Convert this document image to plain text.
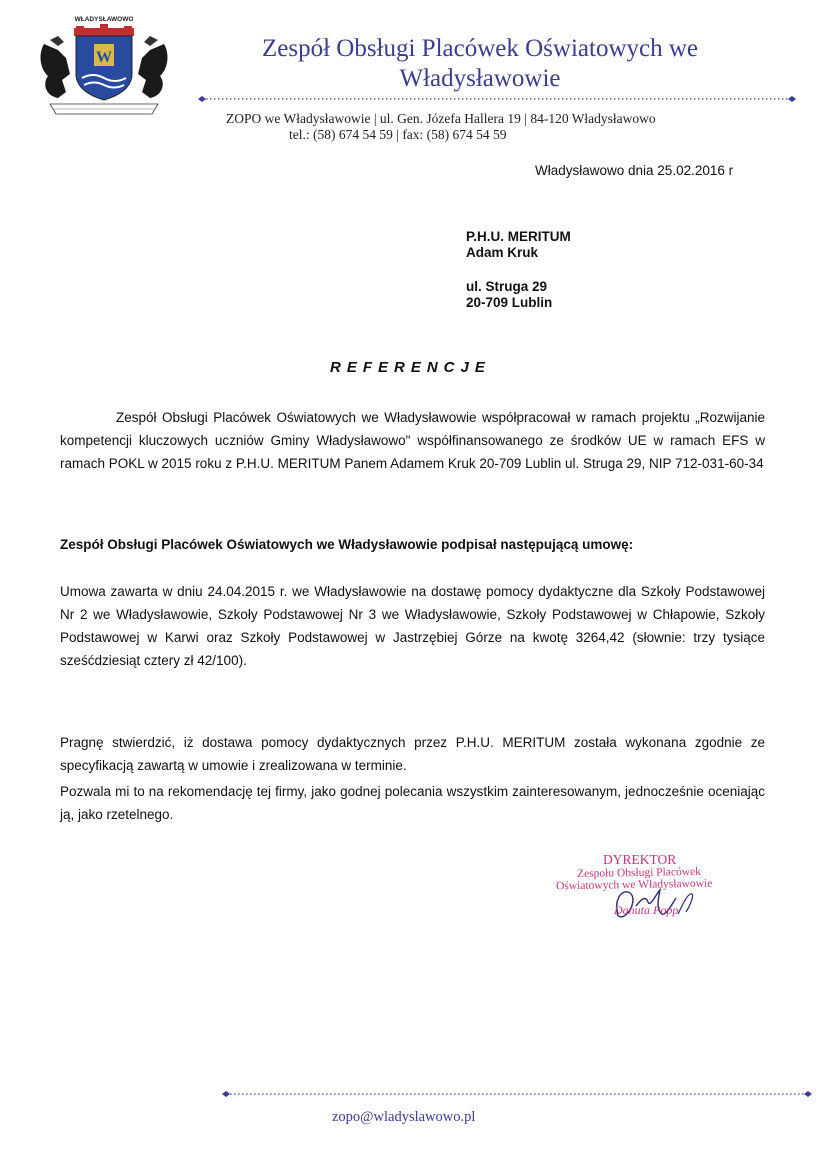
WŁADYSŁAWOWO
W	Zespół Obsługi Placówek Oświatowych we Władysławowie
ZOPO we Władysławowie | ul. Gen. Józefa Hallera 19 | 84-120 Władysławowo
tel.: (58) 674 54 59 | fax: (58) 674 54 59
Władysławowo dnia 25.02.2016 r
P.H.U. MERITUM
Adam Kruk
ul. Struga 29
20-709 Lublin
REFERENCJE
Zespół Obsługi Placówek Oświatowych we Władysławowie współpracował w ramach projektu „Rozwijanie kompetencji kluczowych uczniów Gminy Władysławowo" współfinansowanego ze środków UE w ramach EFS w ramach POKL w 2015 roku z P.H.U. MERITUM Panem Adamem Kruk 20-709 Lublin ul. Struga 29, NIP 712-031-60-34
Zespół Obsługi Placówek Oświatowych we Władysławowie podpisał następującą umowę:
Umowa zawarta w dniu 24.04.2015 r. we Władysławowie na dostawę pomocy dydaktyczne dla Szkoły Podstawowej Nr 2 we Władysławowie, Szkoły Podstawowej Nr 3 we Władysławowie, Szkoły Podstawowej w Chłapowie, Szkoły Podstawowej w Karwi oraz Szkoły Podstawowej w Jastrzębiej Górze na kwotę 3264,42 (słownie: trzy tysiące sześćdziesiąt cztery zł 42/100).
Pragnę stwierdzić, iż dostawa pomocy dydaktycznych przez P.H.U. MERITUM została wykonana zgodnie ze specyfikacją zawartą w umowie i zrealizowana w terminie.
Pozwala mi to na rekomendację tej firmy, jako godnej polecania wszystkim zainteresowanym, jednocześnie oceniając ją, jako rzetelnego.
DYREKTOR
Zespołu Obsługi Placówek
Oświatowych we Władysławowie
Danuta Popp
zopo@wladyslawowo.pl
